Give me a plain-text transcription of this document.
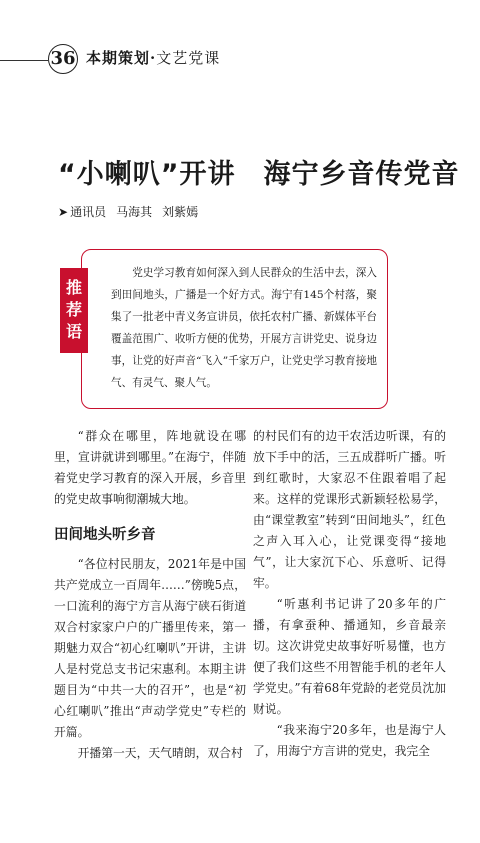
36 本期策划·文艺党课
“小喇叭”开讲　海宁乡音传党音
➤ 通讯员 马海其 刘紫嫣
推
荐
语

党史学习教育如何深入到人民群众的生活中去，深入到田间地头，广播是一个好方式。海宁有145个村落，聚集了一批老中青义务宣讲员，依托农村广播、新媒体平台覆盖范围广、收听方便的优势，开展方言讲党史、说身边事，让党的好声音“飞入”千家万户，让党史学习教育接地气、有灵气、聚人气。

“群众在哪里，阵地就设在哪里，宣讲就讲到哪里。”在海宁，伴随着党史学习教育的深入开展，乡音里的党史故事响彻潮城大地。

田间地头听乡音

“各位村民朋友，2021年是中国共产党成立一百周年……”傍晚5点，一口流利的海宁方言从海宁硖石街道双合村家家户户的广播里传来，第一期魅力双合“初心红喇叭”开讲，主讲人是村党总支书记宋惠利。本期主讲题目为“中共一大的召开”，也是“初心红喇叭”推出“声动学党史”专栏的开篇。

开播第一天，天气晴朗，双合村

的村民们有的边干农活边听课，有的放下手中的活，三五成群听广播。听到红歌时，大家忍不住跟着唱了起来。这样的党课形式新颖轻松易学，由“课堂教室”转到“田间地头”，红色之声入耳入心，让党课变得“接地气”，让大家沉下心、乐意听、记得牢。

“听惠利书记讲了20多年的广播，有拿蚕种、播通知，乡音最亲切。这次讲党史故事好听易懂，也方便了我们这些不用智能手机的老年人学党史。”有着68年党龄的老党员沈加财说。

“我来海宁20多年，也是海宁人了，用海宁方言讲的党史，我完全
